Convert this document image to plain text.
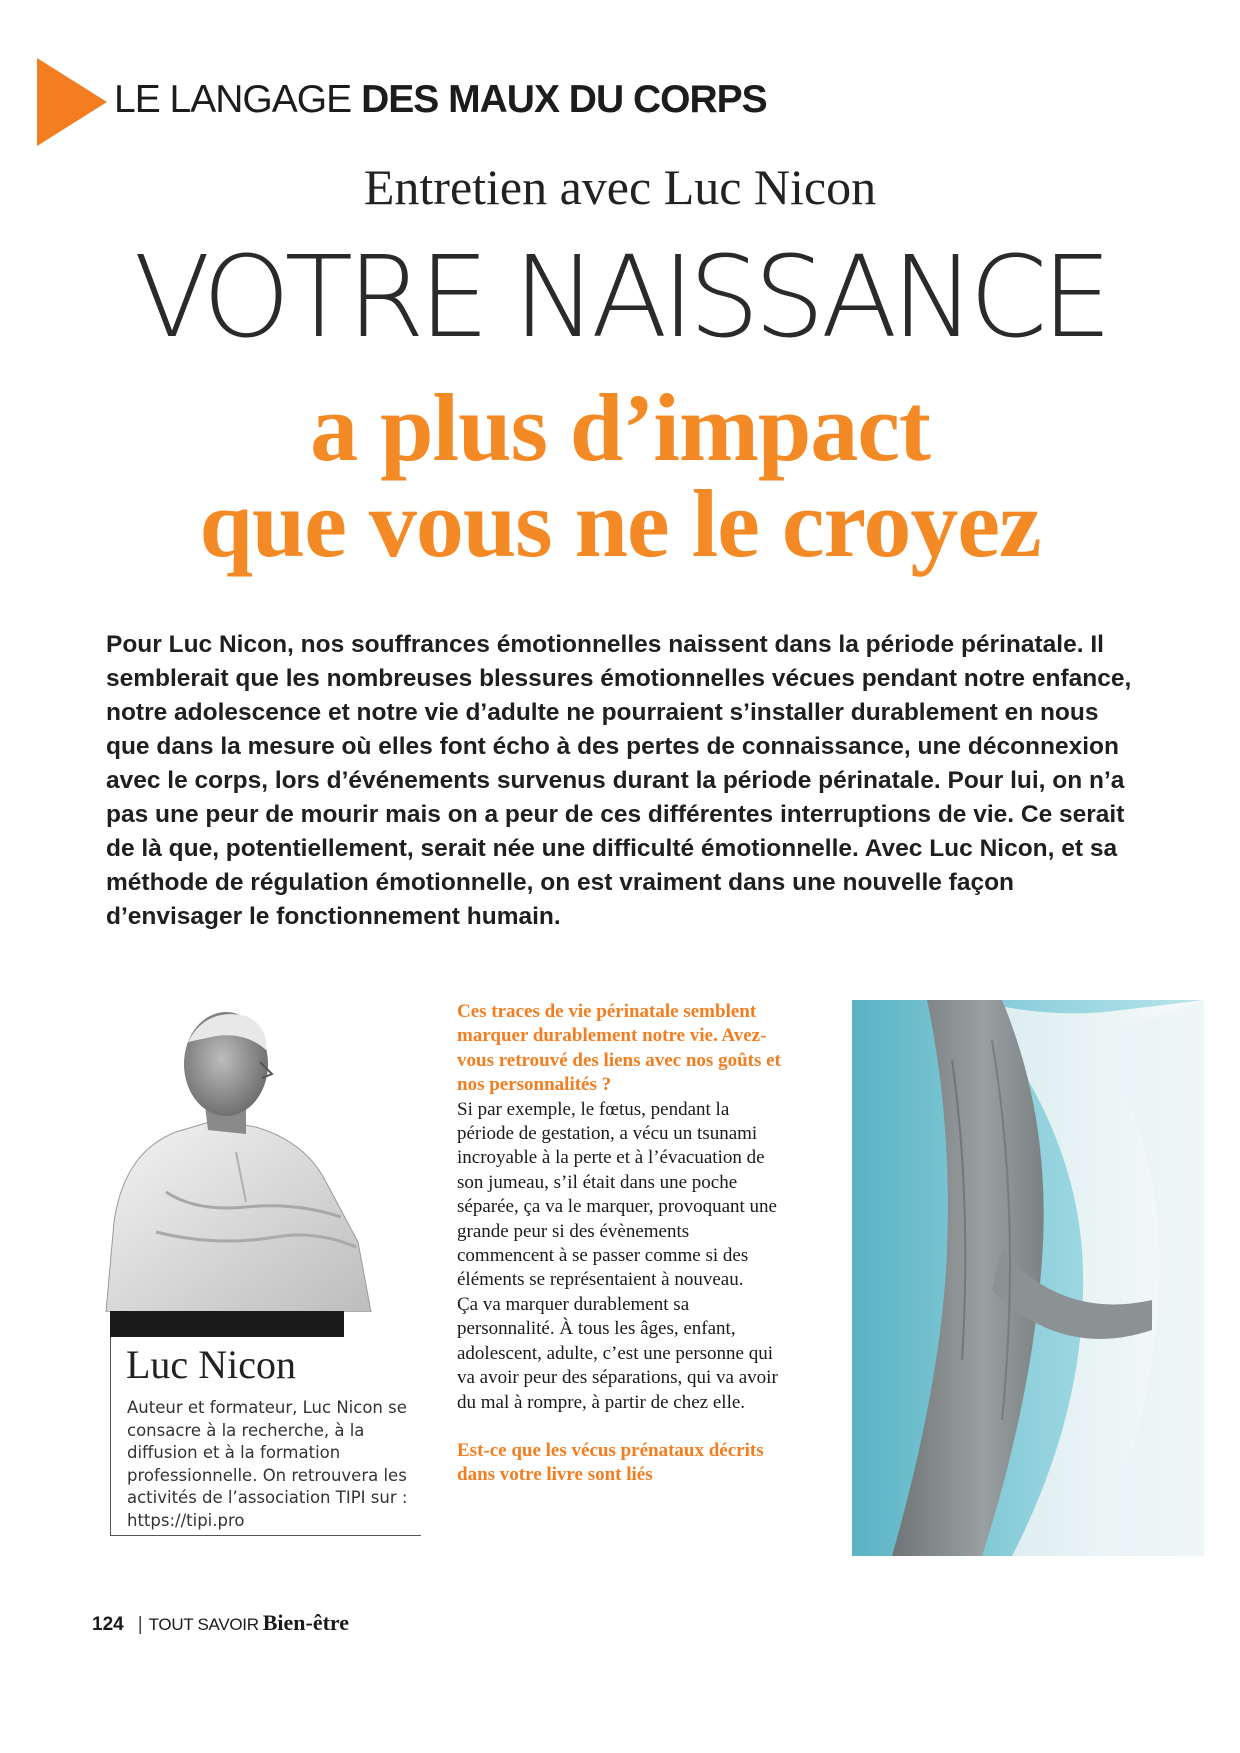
LE LANGAGE DES MAUX DU CORPS
Entretien avec Luc Nicon
VOTRE NAISSANCE
a plus d’impact
que vous ne le croyez
Pour Luc Nicon, nos souffrances émotionnelles naissent dans la période périnatale. Il semblerait que les nombreuses blessures émotionnelles vécues pendant notre enfance, notre adolescence et notre vie d’adulte ne pourraient s’installer durablement en nous que dans la mesure où elles font écho à des pertes de connaissance, une déconnexion avec le corps, lors d’événements survenus durant la période périnatale. Pour lui, on n’a pas une peur de mourir mais on a peur de ces différentes interruptions de vie. Ce serait de là que, potentiellement, serait née une difficulté émotionnelle. Avec Luc Nicon, et sa méthode de régulation émotionnelle, on est vraiment dans une nouvelle façon d’envisager le fonctionnement humain.
Luc Nicon
Auteur et formateur, Luc Nicon se consacre à la recherche, à la diffusion et à la formation professionnelle. On retrouvera les activités de l’association TIPI sur : https://tipi.pro

Ces traces de vie périnatale semblent marquer durablement notre vie. Avez-vous retrouvé des liens avec nos goûts et nos personnalités ?

Si par exemple, le fœtus, pendant la période de gestation, a vécu un tsunami incroyable à la perte et à l’évacuation de son jumeau, s’il était dans une poche séparée, ça va le marquer, provoquant une grande peur si des évènements commencent à se passer comme si des éléments se représentaient à nouveau.

Ça va marquer durablement sa personnalité. À tous les âges, enfant, adolescent, adulte, c’est une personne qui va avoir peur des séparations, qui va avoir du mal à rompre, à partir de chez elle.

Est-ce que les vécus prénataux décrits dans votre livre sont liés

124 | TOUT SAVOIR Bien-être
